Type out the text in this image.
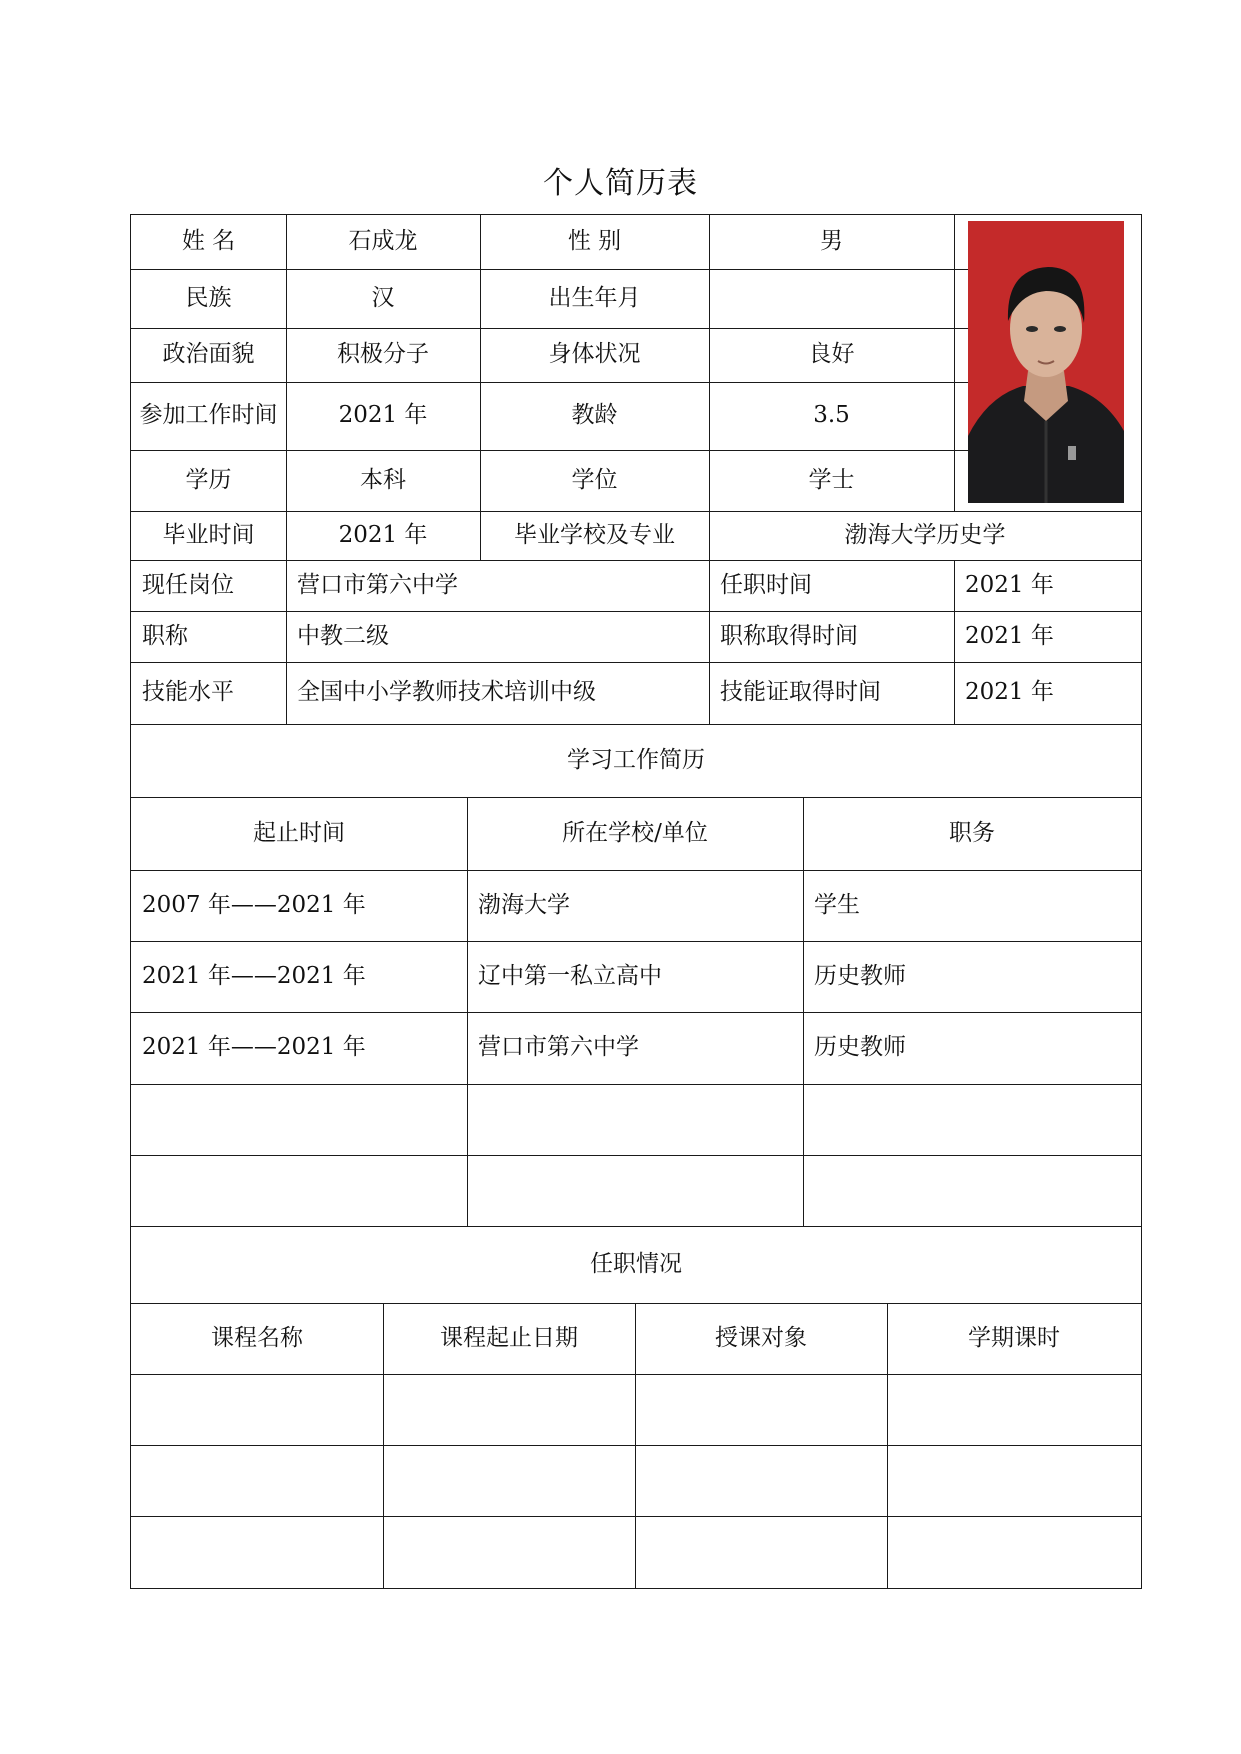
个人简历表
姓 名	石成龙	性 别	男
民族	汉	出生年月
政治面貌	积极分子	身体状况	良好
参加工作时间	2021 年	教龄	3.5
学历	本科	学位	学士
毕业时间	2021 年	毕业学校及专业	渤海大学历史学
现任岗位	营口市第六中学	任职时间	2021 年
职称	中教二级	职称取得时间	2021 年
技能水平	全国中小学教师技术培训中级	技能证取得时间	2021 年
学习工作简历
起止时间	所在学校/单位	职务
2007 年——2021 年	渤海大学	学生
2021 年——2021 年	辽中第一私立高中	历史教师
2021 年——2021 年	营口市第六中学	历史教师
任职情况
课程名称	课程起止日期	授课对象	学期课时
